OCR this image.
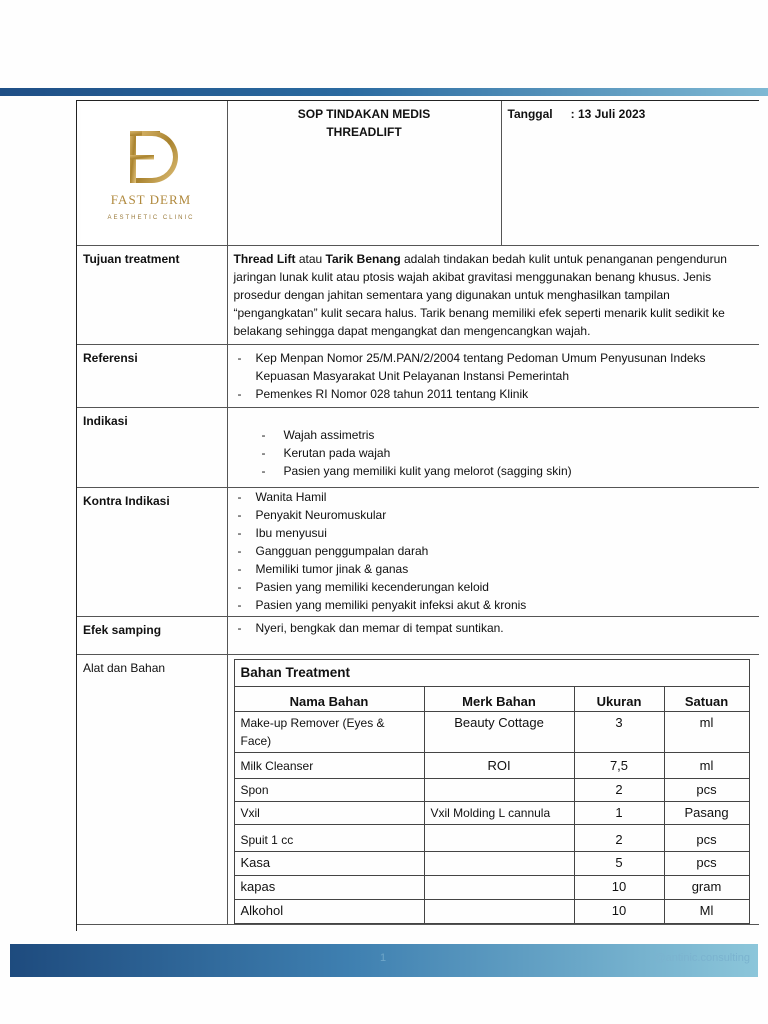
FAST DERM
AESTHETIC CLINIC

SOP TINDAKAN MEDIS
THREADLIFT
	Tanggal : 13 Juli 2023
Tujuan treatment	Thread Lift atau Tarik Benang adalah tindakan bedah kulit untuk penanganan pengendurun jaringan lunak kulit atau ptosis wajah akibat gravitasi menggunakan benang khusus. Jenis prosedur dengan jahitan sementara yang digunakan untuk menghasilkan tampilan “pengangkatan” kulit secara halus. Tarik benang memiliki efek seperti menarik kulit sedikit ke belakang sehingga dapat mengangkat dan mengencangkan wajah.
Referensi	
-Kep Menpan Nomor 25/M.PAN/2/2004 tentang Pedoman Umum Penyusunan Indeks Kepuasan Masyarakat Unit Pelayanan Instansi Pemerintah
- Pemenkes RI Nomor 028 tahun 2011 tentang Klinik

Indikasi	
- Wajah assimetris
- Kerutan pada wajah
- Pasien yang memiliki kulit yang melorot (sagging skin)

Kontra Indikasi	
-Wanita Hamil
- Penyakit Neuromuskular
- Ibu menyusui
- Gangguan penggumpalan darah
- Memiliki tumor jinak & ganas
- Pasien yang memiliki kecenderungan keloid
- Pasien yang memiliki penyakit infeksi akut & kronis

Efek samping	
-Nyeri, bengkak dan memar di tempat suntikan.

Alat dan Bahan		Bahan Treatment
Nama Bahan	Merk Bahan	Ukuran	Satuan
Make-up Remover (Eyes & Face)	Beauty Cottage	3	ml
Milk Cleanser	ROI	7,5	ml
Spon		2	pcs
Vxil	Vxil Molding L cannula	1	Pasang
Spuit 1 cc		2	pcs
Kasa		5	pcs
kapas		10	gram
Alkohol		10	Ml
1	@antinic.consulting
